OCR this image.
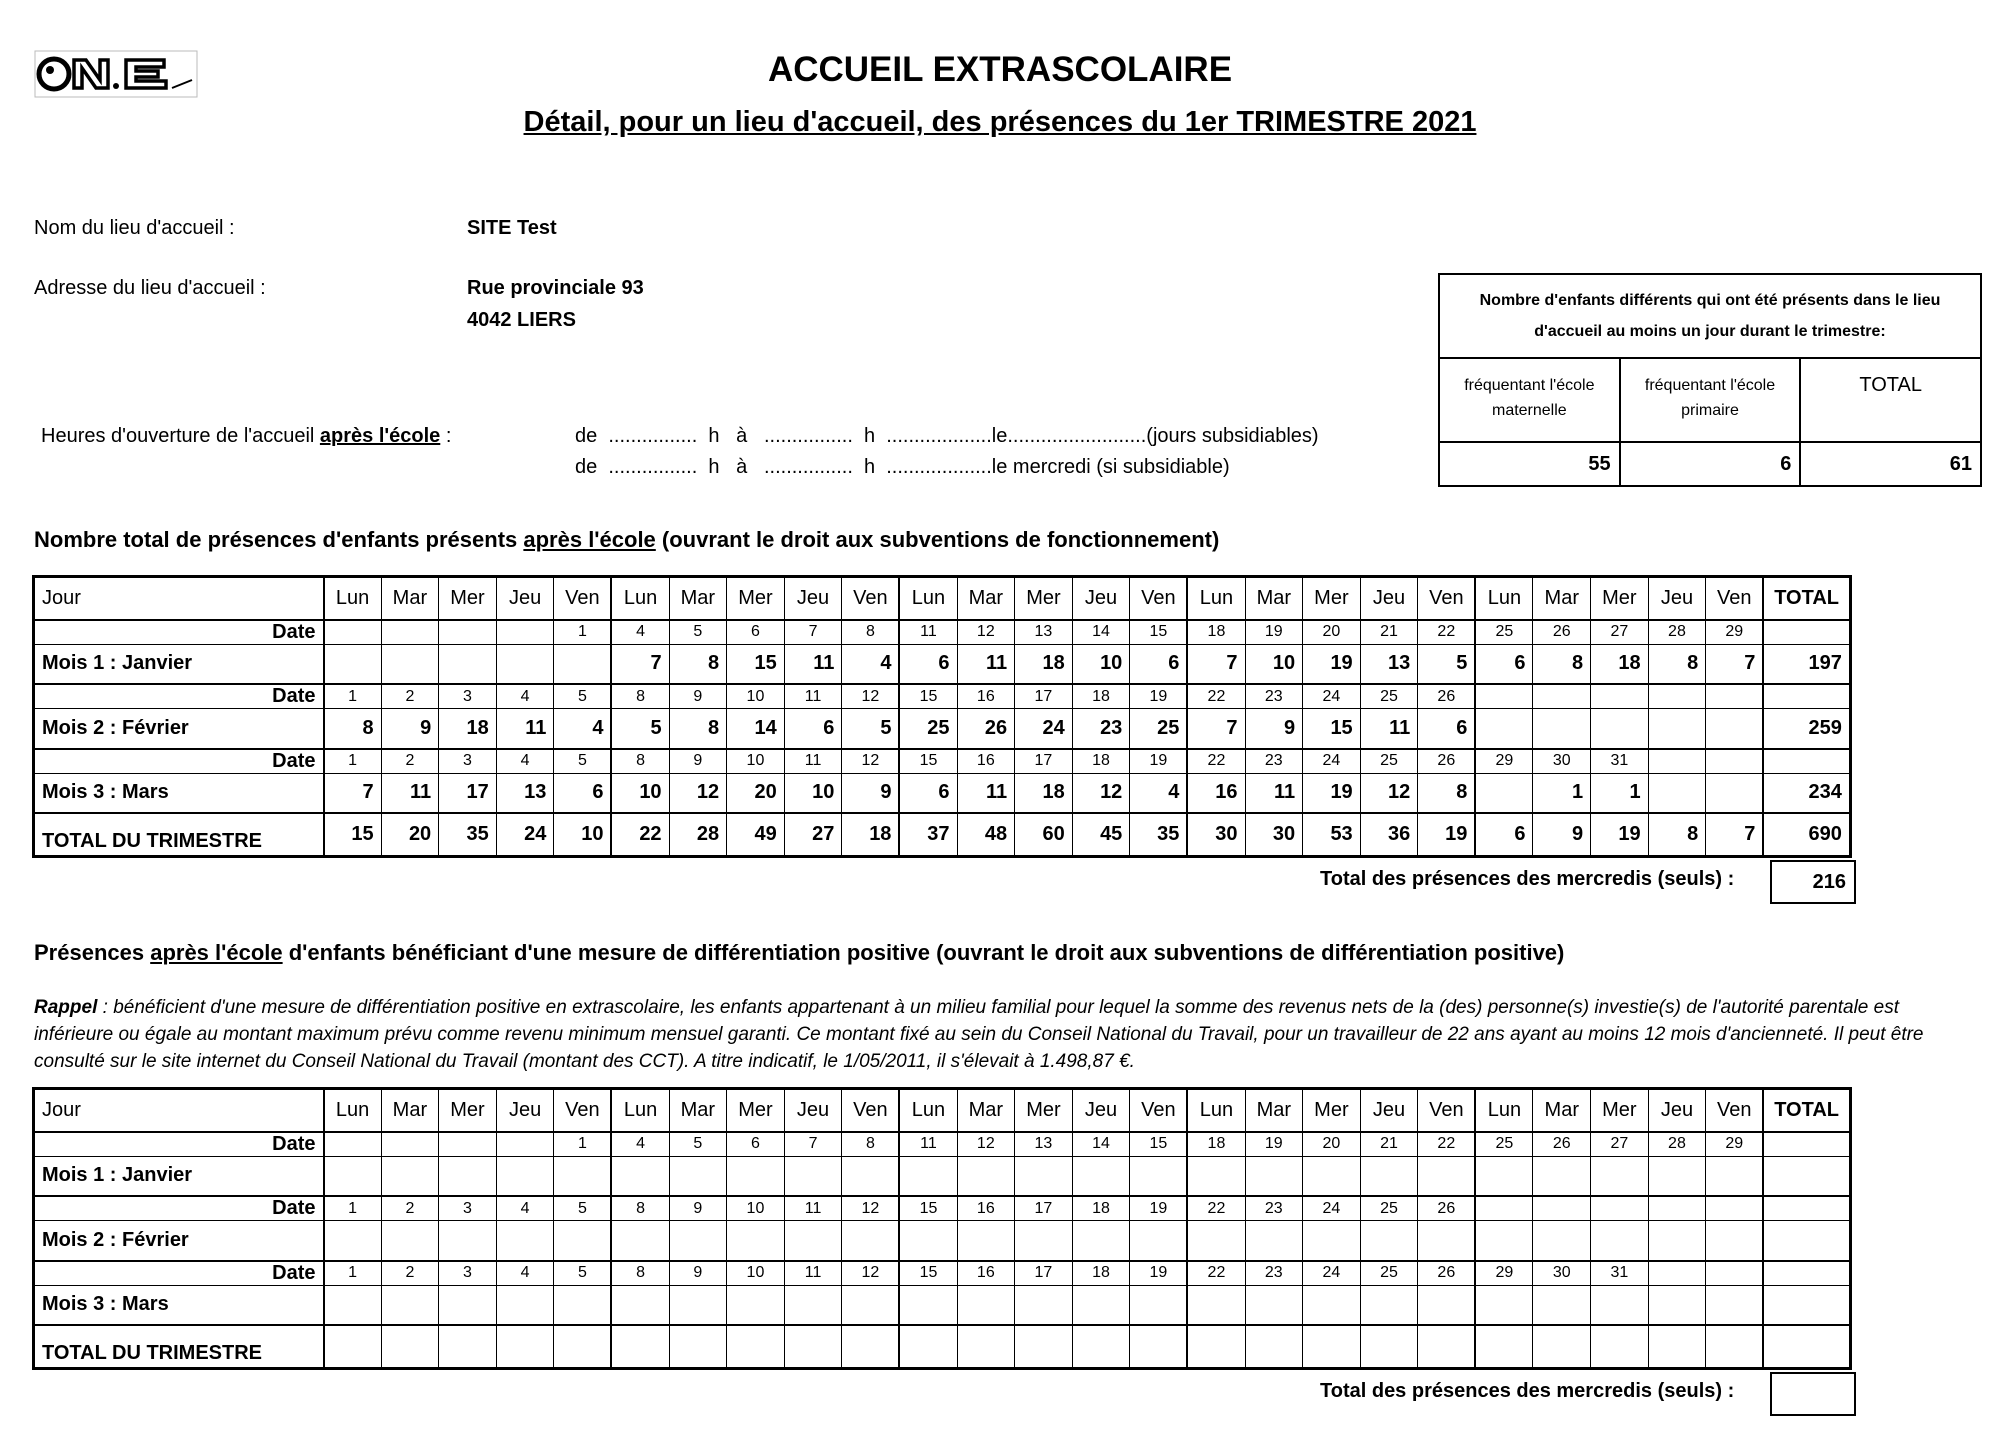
ACCUEIL EXTRASCOLAIRE
Détail, pour un lieu d'accueil, des présences du 1er TRIMESTRE 2021
Nom du lieu d'accueil :	SITE Test
Adresse du lieu d'accueil :	Rue provinciale 93
4042 LIERS
Heures d'ouverture de l'accueil après l'école :	de  ................  h   à   ................  h  ...................le.........................(jours subsidiables)
de  ................  h   à   ................  h  ...................le mercredi (si subsidiable)
Nombre d'enfants différents qui ont été présents dans le lieu d'accueil au moins un jour durant le trimestre:
fréquentant l'école maternelle
55
fréquentant l'école primaire
6
TOTAL
61
Nombre total de présences d'enfants présents après l'école (ouvrant le droit aux subventions de fonctionnement)
Jour	Lun	Mar	Mer	Jeu	Ven	Lun	Mar	Mer	Jeu	Ven	Lun	Mar	Mer	Jeu	Ven	Lun	Mar	Mer	Jeu	Ven	Lun	Mar	Mer	Jeu	Ven	TOTAL
Date					1	4	5	6	7	8	11	12	13	14	15	18	19	20	21	22	25	26	27	28	29	
Mois 1 : Janvier						7	8	15	11	4	6	11	18	10	6	7	10	19	13	5	6	8	18	8	7	197
Date	1	2	3	4	5	8	9	10	11	12	15	16	17	18	19	22	23	24	25	26						
Mois 2 : Février	8	9	18	11	4	5	8	14	6	5	25	26	24	23	25	7	9	15	11	6						259
Date	1	2	3	4	5	8	9	10	11	12	15	16	17	18	19	22	23	24	25	26	29	30	31			
Mois 3 : Mars	7	11	17	13	6	10	12	20	10	9	6	11	18	12	4	16	11	19	12	8		1	1			234
TOTAL DU TRIMESTRE	15	20	35	24	10	22	28	49	27	18	37	48	60	45	35	30	30	53	36	19	6	9	19	8	7	690
Total des présences des mercredis (seuls) :	216
Présences après l'école d'enfants bénéficiant d'une mesure de différentiation positive (ouvrant le droit aux subventions de différentiation positive)
Rappel : bénéficient d'une mesure de différentiation positive en extrascolaire, les enfants appartenant à un milieu familial pour lequel la somme des revenus nets de la (des) personne(s) investie(s) de l'autorité parentale est inférieure ou égale au montant maximum prévu comme revenu minimum mensuel garanti. Ce montant fixé au sein du Conseil National du Travail, pour un travailleur de 22 ans ayant au moins 12 mois d'ancienneté. Il peut être consulté sur le site internet du Conseil National du Travail (montant des CCT). A titre indicatif, le 1/05/2011, il s'élevait à 1.498,87 €.
Jour	Lun	Mar	Mer	Jeu	Ven	Lun	Mar	Mer	Jeu	Ven	Lun	Mar	Mer	Jeu	Ven	Lun	Mar	Mer	Jeu	Ven	Lun	Mar	Mer	Jeu	Ven	TOTAL
Date					1	4	5	6	7	8	11	12	13	14	15	18	19	20	21	22	25	26	27	28	29	
Mois 1 : Janvier																										
Date	1	2	3	4	5	8	9	10	11	12	15	16	17	18	19	22	23	24	25	26						
Mois 2 : Février																										
Date	1	2	3	4	5	8	9	10	11	12	15	16	17	18	19	22	23	24	25	26	29	30	31			
Mois 3 : Mars																										
TOTAL DU TRIMESTRE																										
Total des présences des mercredis (seuls) :
